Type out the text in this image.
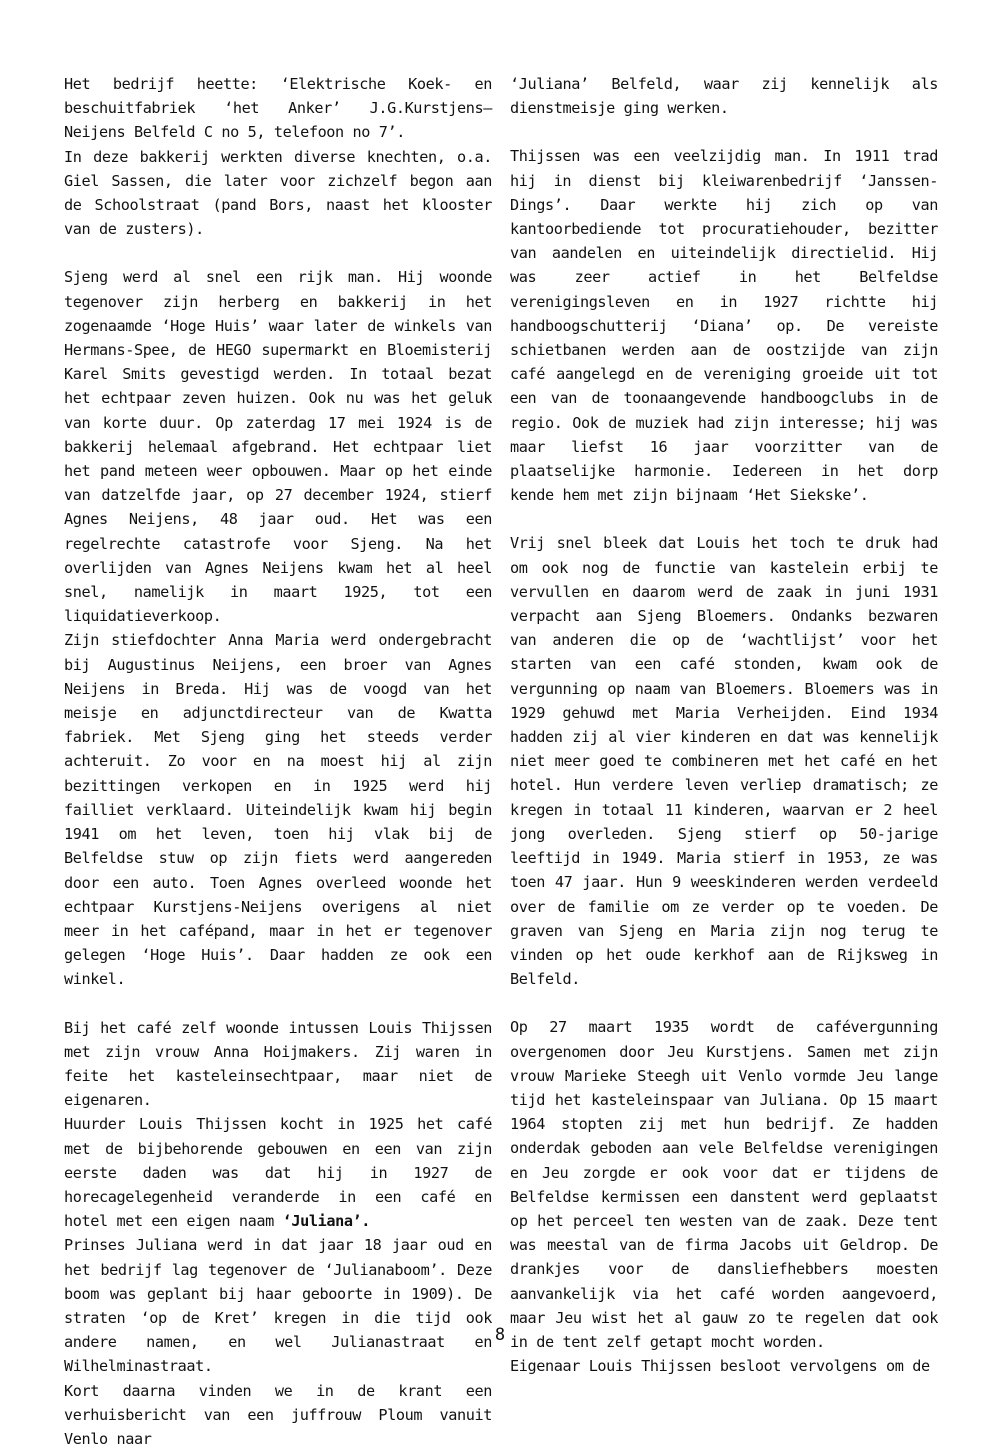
Het bedrijf heette: ‘Elektrische Koek- en beschuitfabriek ‘het Anker’ J.G.Kurstjens–Neijens Belfeld C no 5, telefoon no 7’.

In deze bakkerij werkten diverse knechten, o.a. Giel Sassen, die later voor zichzelf begon aan de Schoolstraat (pand Bors, naast het klooster van de zusters).

Sjeng werd al snel een rijk man. Hij woonde tegenover zijn herberg en bakkerij in het zogenaamde ‘Hoge Huis’ waar later de winkels van Hermans-Spee, de HEGO supermarkt en Bloemisterij Karel Smits gevestigd werden. In totaal bezat het echtpaar zeven huizen. Ook nu was het geluk van korte duur. Op zaterdag 17 mei 1924 is de bakkerij helemaal afgebrand. Het echtpaar liet het pand meteen weer opbouwen. Maar op het einde van datzelfde jaar, op 27 december 1924, stierf Agnes Neijens, 48 jaar oud. Het was een regelrechte catastrofe voor Sjeng. Na het overlijden van Agnes Neijens kwam het al heel snel, namelijk in maart 1925, tot een liquidatieverkoop.

Zijn stiefdochter Anna Maria werd ondergebracht bij Augustinus Neijens, een broer van Agnes Neijens in Breda. Hij was de voogd van het meisje en adjunctdirecteur van de Kwatta fabriek. Met Sjeng ging het steeds verder achteruit. Zo voor en na moest hij al zijn bezittingen verkopen en in 1925 werd hij failliet verklaard. Uiteindelijk kwam hij begin 1941 om het leven, toen hij vlak bij de Belfeldse stuw op zijn fiets werd aangereden door een auto. Toen Agnes overleed woonde het echtpaar Kurstjens-Neijens overigens al niet meer in het cafépand, maar in het er tegenover gelegen ‘Hoge Huis’. Daar hadden ze ook een winkel.

Bij het café zelf woonde intussen Louis Thijssen met zijn vrouw Anna Hoijmakers. Zij waren in feite het kasteleinsechtpaar, maar niet de eigenaren.

Huurder Louis Thijssen kocht in 1925 het café met de bijbehorende gebouwen en een van zijn eerste daden was dat hij in 1927 de horecagelegenheid veranderde in een café en hotel met een eigen naam ‘Juliana’.

Prinses Juliana werd in dat jaar 18 jaar oud en het bedrijf lag tegenover de ‘Julianaboom’. Deze boom was geplant bij haar geboorte in 1909). De straten ‘op de Kret’ kregen in die tijd ook andere namen, en wel Julianastraat en Wilhelminastraat.

Kort daarna vinden we in de krant een verhuisbericht van een juffrouw Ploum vanuit Venlo naar

‘Juliana’ Belfeld, waar zij kennelijk als dienstmeisje ging werken.

Thijssen was een veelzijdig man. In 1911 trad hij in dienst bij kleiwarenbedrijf ‘Janssen-Dings’. Daar werkte hij zich op van kantoorbediende tot procuratiehouder, bezitter van aandelen en uiteindelijk directielid. Hij was zeer actief in het Belfeldse verenigingsleven en in 1927 richtte hij handboogschutterij ‘Diana’ op. De vereiste schietbanen werden aan de oostzijde van zijn café aangelegd en de vereniging groeide uit tot een van de toonaangevende handboogclubs in de regio. Ook de muziek had zijn interesse; hij was maar liefst 16 jaar voorzitter van de plaatselijke harmonie. Iedereen in het dorp kende hem met zijn bijnaam ‘Het Siekske’.

Vrij snel bleek dat Louis het toch te druk had om ook nog de functie van kastelein erbij te vervullen en daarom werd de zaak in juni 1931 verpacht aan Sjeng Bloemers. Ondanks bezwaren van anderen die op de ‘wachtlijst’ voor het starten van een café stonden, kwam ook de vergunning op naam van Bloemers. Bloemers was in 1929 gehuwd met Maria Verheijden. Eind 1934 hadden zij al vier kinderen en dat was kennelijk niet meer goed te combineren met het café en het hotel. Hun verdere leven verliep dramatisch; ze kregen in totaal 11 kinderen, waarvan er 2 heel jong overleden. Sjeng stierf op 50-jarige leeftijd in 1949. Maria stierf in 1953, ze was toen 47 jaar. Hun 9 weeskinderen werden verdeeld over de familie om ze verder op te voeden. De graven van Sjeng en Maria zijn nog terug te vinden op het oude kerkhof aan de Rijksweg in Belfeld.

Op 27 maart 1935 wordt de cafévergunning overgenomen door Jeu Kurstjens. Samen met zijn vrouw Marieke Steegh uit Venlo vormde Jeu lange tijd het kasteleinspaar van Juliana. Op 15 maart 1964 stopten zij met hun bedrijf. Ze hadden onderdak geboden aan vele Belfeldse verenigingen en Jeu zorgde er ook voor dat er tijdens de Belfeldse kermissen een danstent werd geplaatst op het perceel ten westen van de zaak. Deze tent was meestal van de firma Jacobs uit Geldrop. De drankjes voor de dansliefhebbers moesten aanvankelijk via het café worden aangevoerd, maar Jeu wist het al gauw zo te regelen dat ook in de tent zelf getapt mocht worden.

Eigenaar Louis Thijssen besloot vervolgens om de

8
